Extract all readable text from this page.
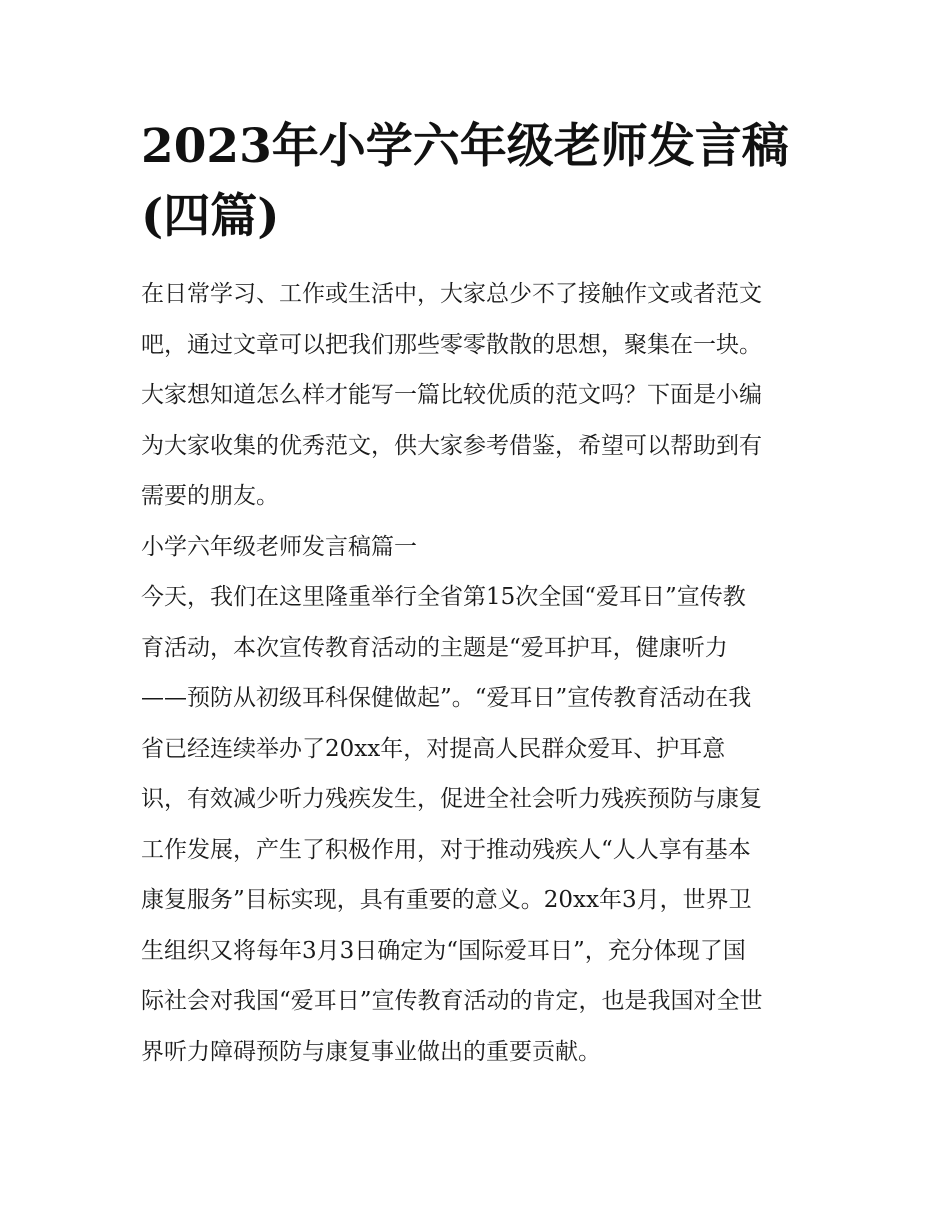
2023年小学六年级老师发言稿
(四篇)

在日常学习、工作或生活中，大家总少不了接触作文或者范文
吧，通过文章可以把我们那些零零散散的思想，聚集在一块。
大家想知道怎么样才能写一篇比较优质的范文吗？下面是小编
为大家收集的优秀范文，供大家参考借鉴，希望可以帮助到有
需要的朋友。

小学六年级老师发言稿篇一

今天，我们在这里隆重举行全省第15次全国“爱耳日”宣传教
育活动，本次宣传教育活动的主题是“爱耳护耳，健康听力
——预防从初级耳科保健做起”。“爱耳日”宣传教育活动在我
省已经连续举办了20xx年，对提高人民群众爱耳、护耳意
识，有效减少听力残疾发生，促进全社会听力残疾预防与康复
工作发展，产生了积极作用，对于推动残疾人“人人享有基本
康复服务”目标实现，具有重要的意义。20xx年3月，世界卫
生组织又将每年3月3日确定为“国际爱耳日”，充分体现了国
际社会对我国“爱耳日”宣传教育活动的肯定，也是我国对全世
界听力障碍预防与康复事业做出的重要贡献。
